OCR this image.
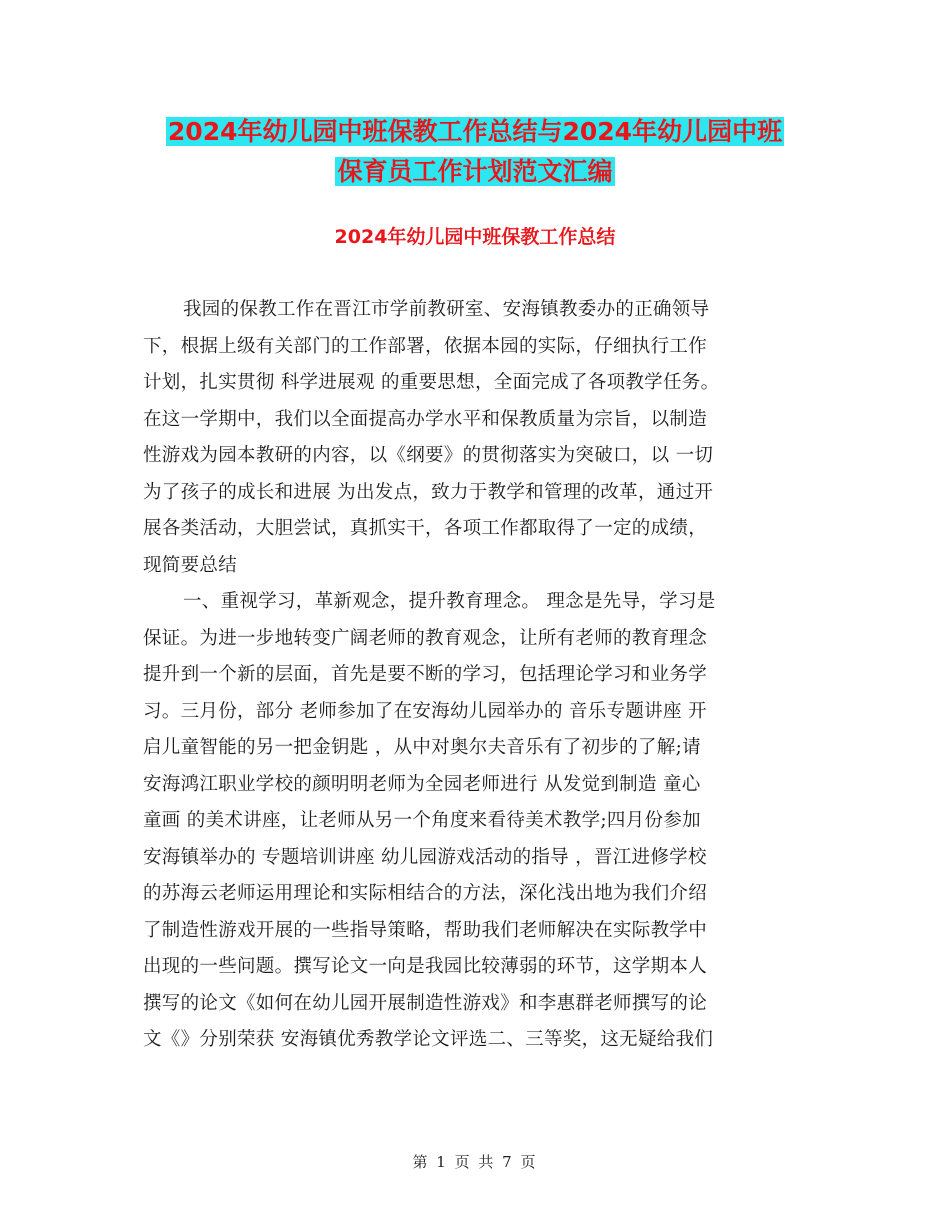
2024年幼儿园中班保教工作总结与2024年幼儿园中班
保育员工作计划范文汇编
2024年幼儿园中班保教工作总结
我园的保教工作在晋江市学前教研室、安海镇教委办的正确领导
下，根据上级有关部门的工作部署，依据本园的实际，仔细执行工作
计划，扎实贯彻 科学进展观 的重要思想，全面完成了各项教学任务。
在这一学期中，我们以全面提高办学水平和保教质量为宗旨，以制造
性游戏为园本教研的内容，以《纲要》的贯彻落实为突破口，以 一切
为了孩子的成长和进展 为出发点，致力于教学和管理的改革，通过开
展各类活动，大胆尝试，真抓实干，各项工作都取得了一定的成绩，
现简要总结
一、重视学习，革新观念，提升教育理念。 理念是先导，学习是
保证。为进一步地转变广阔老师的教育观念，让所有老师的教育理念
提升到一个新的层面，首先是要不断的学习，包括理论学习和业务学
习。三月份，部分 老师参加了在安海幼儿园举办的 音乐专题讲座 开
启儿童智能的另一把金钥匙 ，从中对奥尔夫音乐有了初步的了解;请
安海鸿江职业学校的颜明明老师为全园老师进行 从发觉到制造 童心
童画 的美术讲座，让老师从另一个角度来看待美术教学;四月份参加
安海镇举办的 专题培训讲座 幼儿园游戏活动的指导 ，晋江进修学校
的苏海云老师运用理论和实际相结合的方法，深化浅出地为我们介绍
了制造性游戏开展的一些指导策略，帮助我们老师解决在实际教学中
出现的一些问题。撰写论文一向是我园比较薄弱的环节，这学期本人
撰写的论文《如何在幼儿园开展制造性游戏》和李惠群老师撰写的论
文《》分别荣获 安海镇优秀教学论文评选二、三等奖，这无疑给我们
第 1 页 共 7 页
